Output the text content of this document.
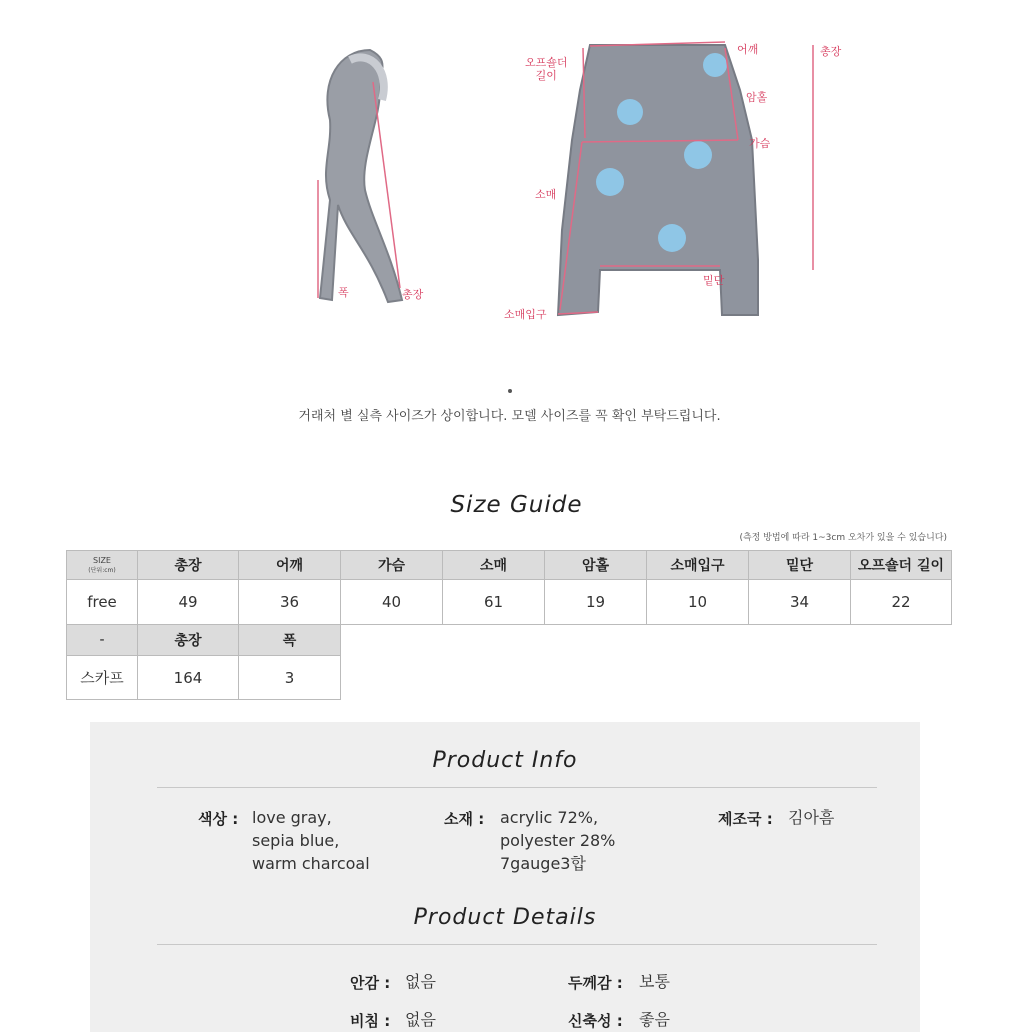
폭	총장
오프숄더
길이
어깨	총장
암홀
가슴
소매
밑단
소매입구
거래처 별 실측 사이즈가 상이합니다. 모델 사이즈를 꼭 확인 부탁드립니다.
Size Guide
(측정 방법에 따라 1~3cm 오차가 있을 수 있습니다)
SIZE
(단위:cm)	총장	어깨	가슴	소매	암홀	소매입구	밑단	오프숄더 길이
free	49	36	40	61	19	10	34	22
-	총장	폭
스카프	164	3
Product Info
색상 : love gray,
sepia blue,
warm charcoal
소재 : acrylic 72%,
polyester 28%
7gauge3합
제조국 : 김아흠
Product Details
안감 : 없음	두께감 : 보통
비침 : 없음	신축성 : 좋음
